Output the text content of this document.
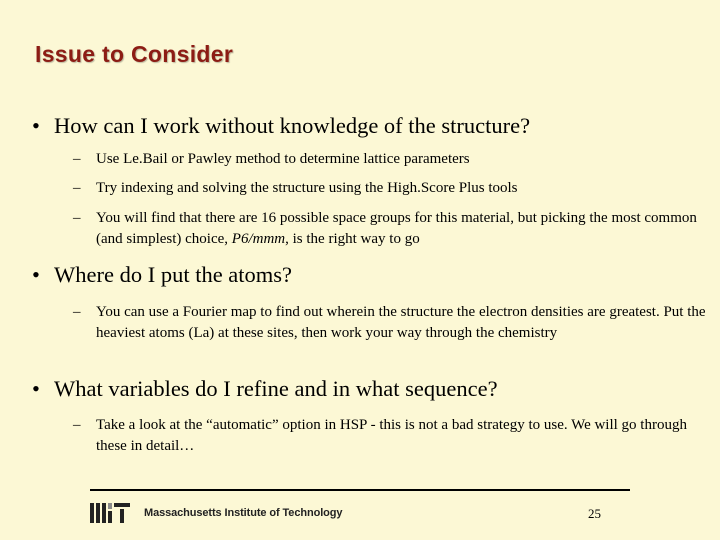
Issue to Consider
• How can I work without knowledge of the structure?
– Use Le.Bail or Pawley method to determine lattice parameters
– Try indexing and solving the structure using the High.Score Plus tools
– You will find that there are 16 possible space groups for this material, but picking the most common (and simplest) choice, P6/mmm, is the right way to go
• Where do I put the atoms?
– You can use a Fourier map to find out wherein the structure the electron densities are greatest. Put the heaviest atoms (La) at these sites, then work your way through the chemistry
• What variables do I refine and in what sequence?
– Take a look at the “automatic” option in HSP - this is not a bad strategy to use. We will go through these in detail…
Massachusetts Institute of Technology	25
